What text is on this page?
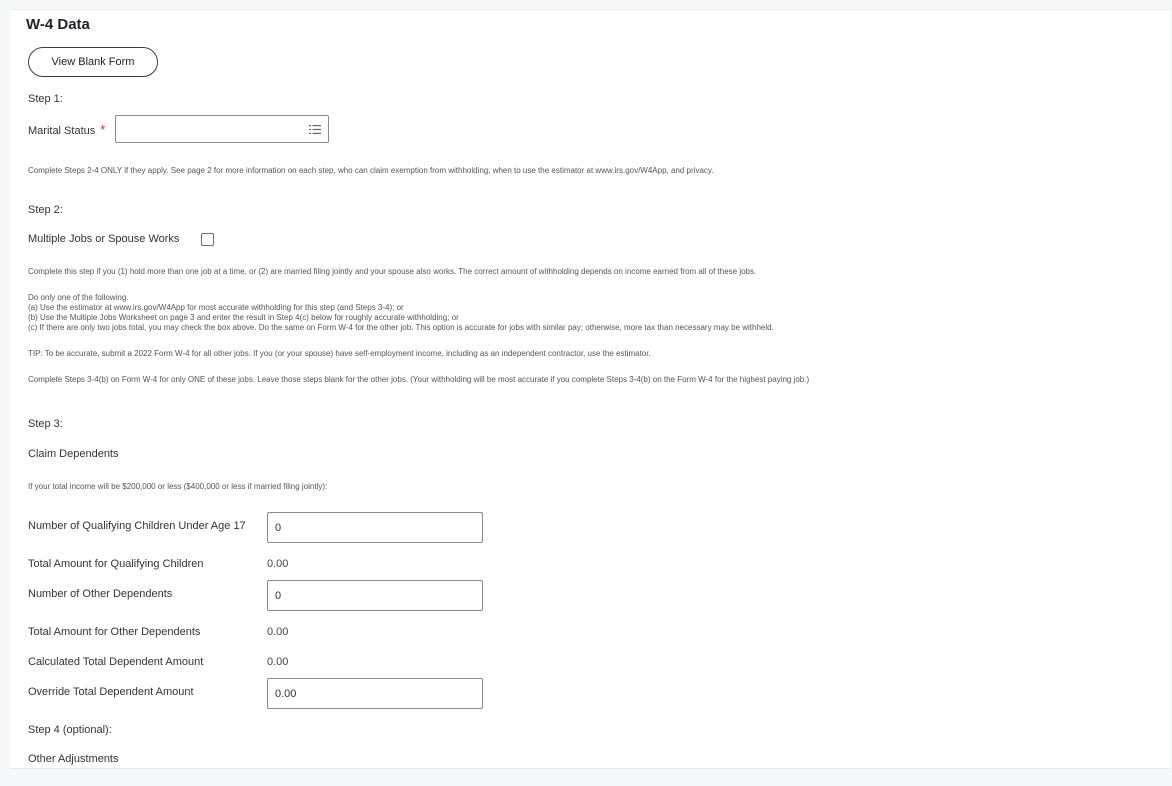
W-4 Data
View Blank Form
Step 1:
Marital Status *
Complete Steps 2-4 ONLY if they apply. See page 2 for more information on each step, who can claim exemption from withholding, when to use the estimator at www.irs.gov/W4App, and privacy.
Step 2:
Multiple Jobs or Spouse Works
Complete this step if you (1) hold more than one job at a time, or (2) are married filing jointly and your spouse also works. The correct amount of withholding depends on income earned from all of these jobs.
Do only one of the following.
(a) Use the estimator at www.irs.gov/W4App for most accurate withholding for this step (and Steps 3-4); or
(b) Use the Multiple Jobs Worksheet on page 3 and enter the result in Step 4(c) below for roughly accurate withholding; or
(c) If there are only two jobs total, you may check the box above. Do the same on Form W-4 for the other job. This option is accurate for jobs with similar pay; otherwise, more tax than necessary may be withheld.
TIP: To be accurate, submit a 2022 Form W-4 for all other jobs. If you (or your spouse) have self-employment income, including as an independent contractor, use the estimator.
Complete Steps 3-4(b) on Form W-4 for only ONE of these jobs. Leave those steps blank for the other jobs. (Your withholding will be most accurate if you complete Steps 3-4(b) on the Form W-4 for the highest paying job.)
Step 3:
Claim Dependents
If your total income will be $200,000 or less ($400,000 or less if married filing jointly):
Number of Qualifying Children Under Age 17
0
Total Amount for Qualifying Children	0.00
Number of Other Dependents
0
Total Amount for Other Dependents	0.00
Calculated Total Dependent Amount	0.00
Override Total Dependent Amount
0.00
Step 4 (optional):
Other Adjustments
